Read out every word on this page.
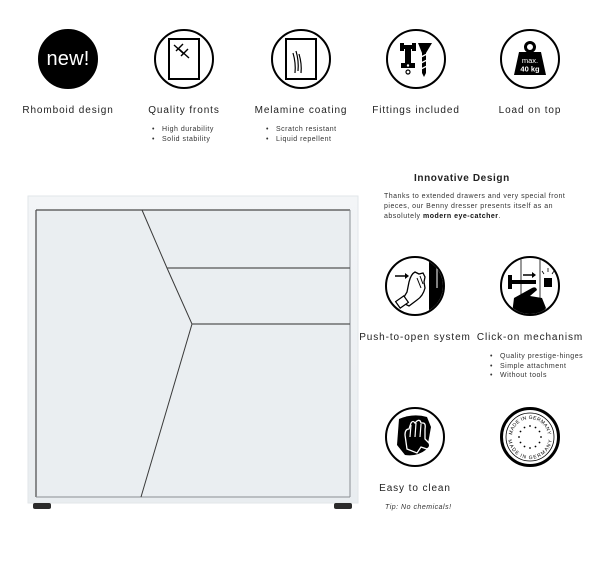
new!
Rhomboid design	Quality fronts
• High durability
• Solid stability
Melamine coating
• Scratch resistant
• Liquid repellent
Fittings included
max.
40 kg
Load on top
Innovative Design
Thanks to extended drawers and very special front
pieces, our Benny dresser presents itself as an
absolutely modern eye-catcher.
Push-to-open system Click-on mechanism
• Quality prestige-hinges
• Simple attachment
• Without tools
Easy to clean
Tip: No chemicals!
MADE IN GERMANY
MADE IN GERMANY
